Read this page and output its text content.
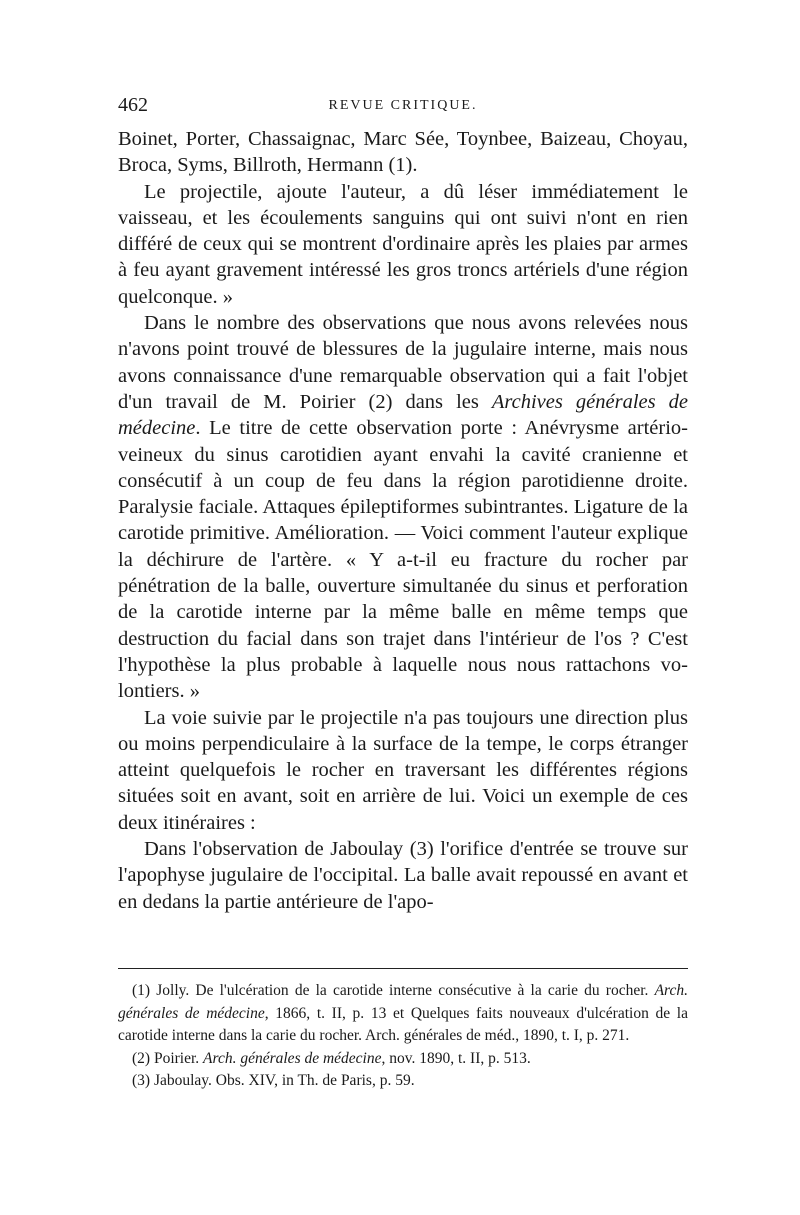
462	REVUE CRITIQUE.

Boinet, Porter, Chassaignac, Marc Sée, Toynbee, Baizeau, Choyau, Broca, Syms, Billroth, Hermann (1).

Le projectile, ajoute l'auteur, a dû léser immédiatement le vaisseau, et les écoulements sanguins qui ont suivi n'ont en rien différé de ceux qui se montrent d'ordinaire après les plaies par armes à feu ayant gravement intéressé les gros troncs artériels d'une région quelconque. »

Dans le nombre des observations que nous avons relevées nous n'avons point trouvé de blessures de la jugulaire interne, mais nous avons connaissance d'une remarquable observation qui a fait l'objet d'un travail de M. Poirier (2) dans les Archives générales de médecine. Le titre de cette observation porte : Anévrysme artério-veineux du sinus carotidien ayant envahi la cavité cranienne et consécutif à un coup de feu dans la région parotidienne droite. Paralysie faciale. Attaques épileptiformes subintrantes. Ligature de la carotide primitive. Amélioration. — Voici comment l'auteur explique la déchirure de l'artère. « Y a-t-il eu fracture du rocher par pénétration de la balle, ouverture simultanée du sinus et perforation de la carotide interne par la même balle en même temps que destruction du facial dans son trajet dans l'intérieur de l'os ? C'est l'hypothèse la plus probable à laquelle nous nous rattachons volontiers. »

La voie suivie par le projectile n'a pas toujours une direction plus ou moins perpendiculaire à la surface de la tempe, le corps étranger atteint quelquefois le rocher en traversant les différentes régions situées soit en avant, soit en arrière de lui. Voici un exemple de ces deux itinéraires :

Dans l'observation de Jaboulay (3) l'orifice d'entrée se trouve sur l'apophyse jugulaire de l'occipital. La balle avait repoussé en avant et en dedans la partie antérieure de l'apo-

(1) Jolly. De l'ulcération de la carotide interne consécutive à la carie du rocher. Arch. générales de médecine, 1866, t. II, p. 13 et Quelques faits nouveaux d'ulcération de la carotide interne dans la carie du rocher. Arch. générales de méd., 1890, t. I, p. 271.

(2) Poirier. Arch. générales de médecine, nov. 1890, t. II, p. 513.

(3) Jaboulay. Obs. XIV, in Th. de Paris, p. 59.
